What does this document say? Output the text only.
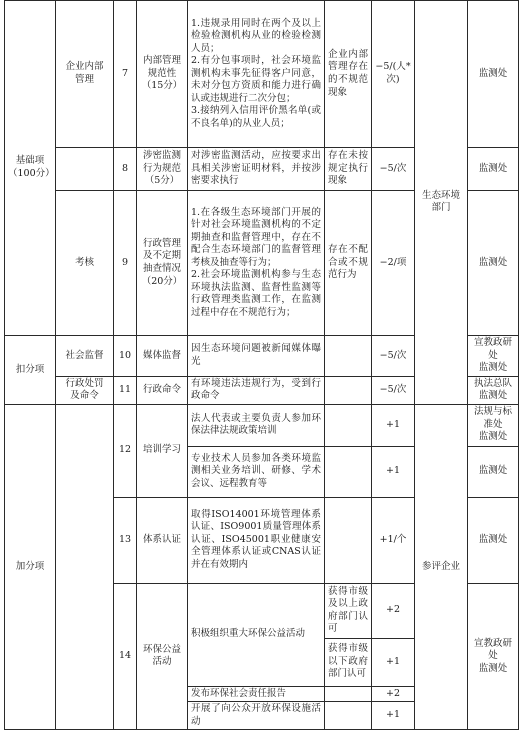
基础项
（100分）	企业内部
管理	7	内部管理
规范性
（15分）	1.违规录用同时在两个及以上检验检测机构从业的检验检测人员；
2.有分包事项时，社会环境监测机构未事先征得客户同意，未对分包方资质和能力进行确认或违规进行二次分包；
3.接纳列入信用评价黑名单(或不良名单)的从业人员；	企业内部管理存在的不规范现象	−5/(人*次)	生态环境
部门	监测处

		8	涉密监测
行为规范
（5分）	对涉密监测活动，应按要求出具相关涉密证明材料，并按涉密要求执行	存在未按规定执行现象	−5/次		监测处

	考核	9	行政管理
及不定期
抽查情况
（20分）	1.在各级生态环境部门开展的针对社会环境监测机构的不定期抽查和监督管理中，存在不配合生态环境部门的监督管理考核及抽查等行为；
2.社会环境监测机构参与生态环境执法监测、监督性监测等行政管理类监测工作，在监测过程中存在不规范行为；	存在不配合或不规范行为	−2/项		监测处

扣分项	社会监督	10	媒体监督	因生态环境问题被新闻媒体曝光		−5/次		宣教政研处
监测处

	行政处罚
及命令	11	行政命令	有环境违法违规行为，受到行政命令		−5/次		执法总队
监测处

加分项		12	培训学习	法人代表或主要负责人参加环保法律法规政策培训		+1	参评企业	法规与标
准处
监测处

				专业技术人员参加各类环境监测相关业务培训、研修、学术会议、远程教育等		+1		监测处

		13	体系认证	取得ISO14001环境管理体系认证、ISO9001质量管理体系认证、ISO45001职业健康安全管理体系认证或CNAS认证并在有效期内		+1/个		监测处

		14	环保公益
活动	积极组织重大环保公益活动	获得市级及以上政府部门认可	+2		宣教政研处
监测处

					获得市级以下政府部门认可	+1		

				发布环保社会责任报告		+2		

				开展了向公众开放环保设施活动		+1		
